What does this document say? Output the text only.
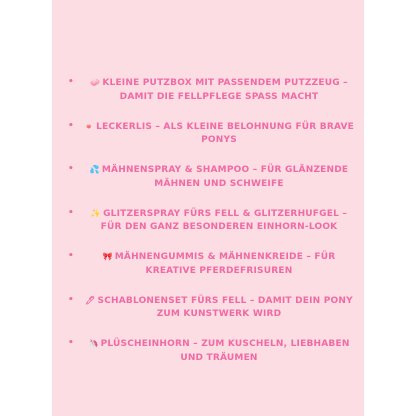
• 🧼 KLEINE PUTZBOX MIT PASSENDEM PUTZZEUG – DAMIT DIE FELLPFLEGE SPASS MACHT
• 🍬 LECKERLIS – ALS KLEINE BELOHNUNG FÜR BRAVE PONYS
• 💦 MÄHNENSPRAY & SHAMPOO – FÜR GLÄNZENDE MÄHNEN UND SCHWEIFE
• ✨ GLITZERSPRAY FÜRS FELL & GLITZERHUFGEL – FÜR DEN GANZ BESONDEREN EINHORN-LOOK
•	🎀 MÄHNENGUMMIS & MÄHNENKREIDE – FÜR KREATIVE PFERDEFRISUREN
• 🖊 SCHABLONENSET FÜRS FELL – DAMIT DEIN PONY ZUM KUNSTWERK WIRD
• 🦄 PLÜSCHEINHORN – ZUM KUSCHELN, LIEBHABEN UND TRÄUMEN
